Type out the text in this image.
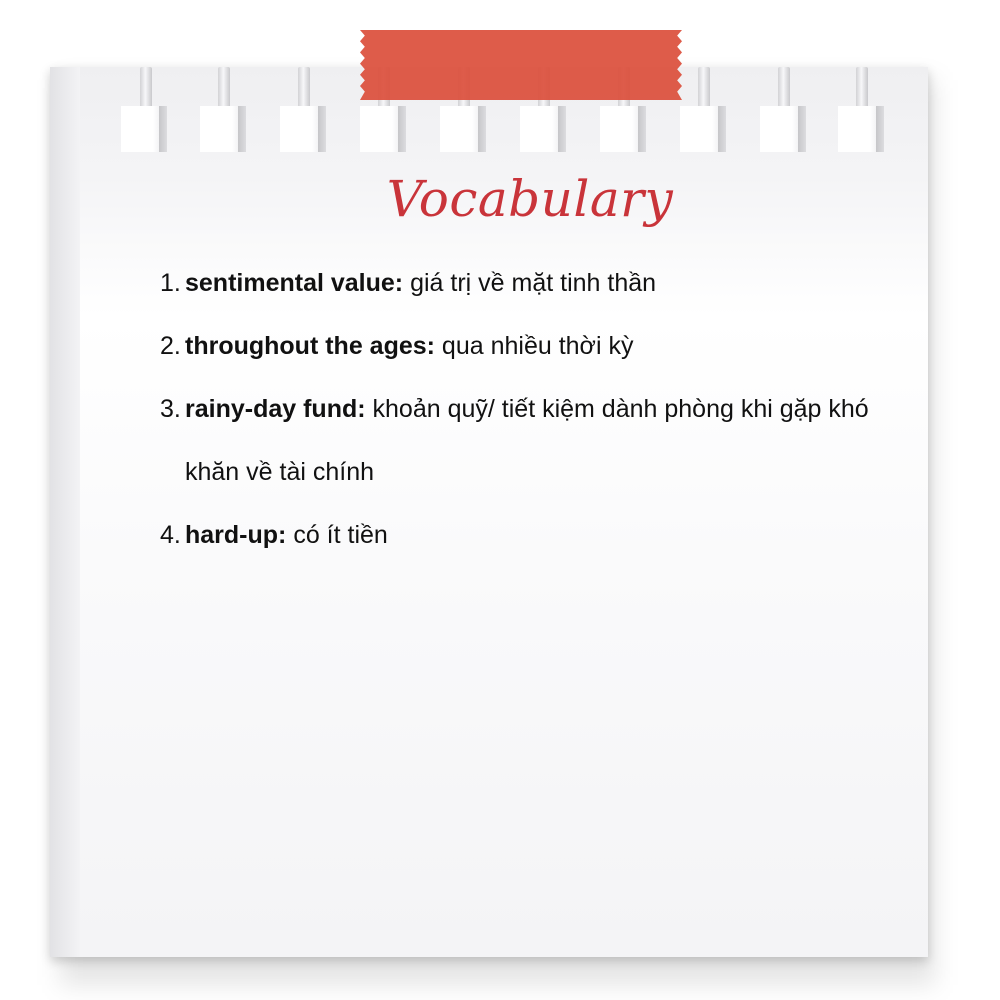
Vocabulary
1. sentimental value: giá trị về mặt tinh thần
2. throughout the ages: qua nhiều thời kỳ
3. rainy-day fund: khoản quỹ/ tiết kiệm dành phòng khi gặp khó khăn về tài chính
4. hard-up: có ít tiền
